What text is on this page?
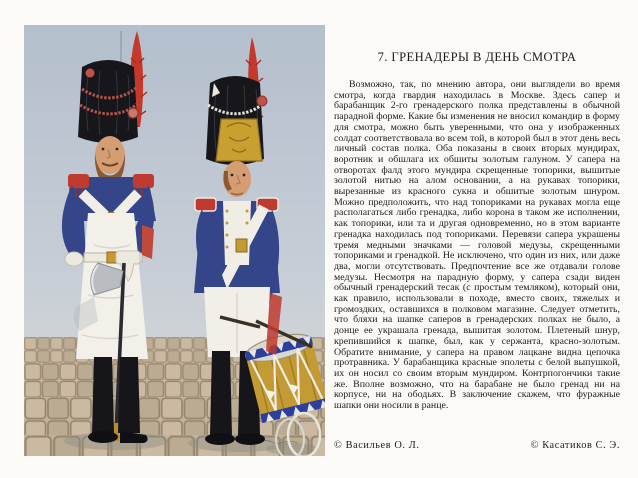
7. ГРЕНАДЕРЫ В ДЕНЬ СМОТРА

Возможно, так, по мнению автора, они выглядели во время смотра, когда гвардия находилась в Москве. Здесь сапер и барабанщик 2-го гренадерского полка представлены в обычной парадной форме. Какие бы изменения не вносил командир в форму для смотра, можно быть уверенными, что она у изображенных солдат соответствовала во всем той, в которой был в этот день весь личный состав полка. Оба показаны в своих вторых мундирах, воротник и обшлага их обшиты золотым галуном. У сапера на отворотах фалд этого мундира скрещенные топорики, вышитые золотой нитью на алом основании, а на рукавах топорики, вырезанные из красного сукна и обшитые золотым шнуром. Можно предположить, что над топориками на рукавах могла еще располагаться либо гренадка, либо корона в таком же исполнении, как топорики, или та и другая одновременно, но в этом варианте гренадка находилась под топориками. Перевязи сапера украшены тремя медными значками — головой медузы, скрещенными топориками и гренадкой. Не исключено, что один из них, или даже два, могли отсутствовать. Предпочтение все же отдавали голове медузы. Несмотря на парадную форму, у сапера сзади виден обычный гренадерский тесак (с простым темляком), который они, как правило, использовали в походе, вместо своих, тяжелых и громоздких, оставшихся в полковом магазине. Следует отметить, что бляхи на шапке саперов в гренадерских полках не было, а донце ее украшала гренада, вышитая золотом. Плетеный шнур, крепившийся к шапке, был, как у сержанта, красно-золотым. Обратите внимание, у сапера на правом лацкане видна цепочка протравника. У барабанщика красные эполеты с белой выпушкой, их он носил со своим вторым мундиром. Контрпогончики такие же. Вполне возможно, что на барабане не было гренад ни на корпусе, ни на ободьях. В заключение скажем, что фуражные шапки они носили в ранце.

© Васильев О. Л.	© Касатиков С. Э.
